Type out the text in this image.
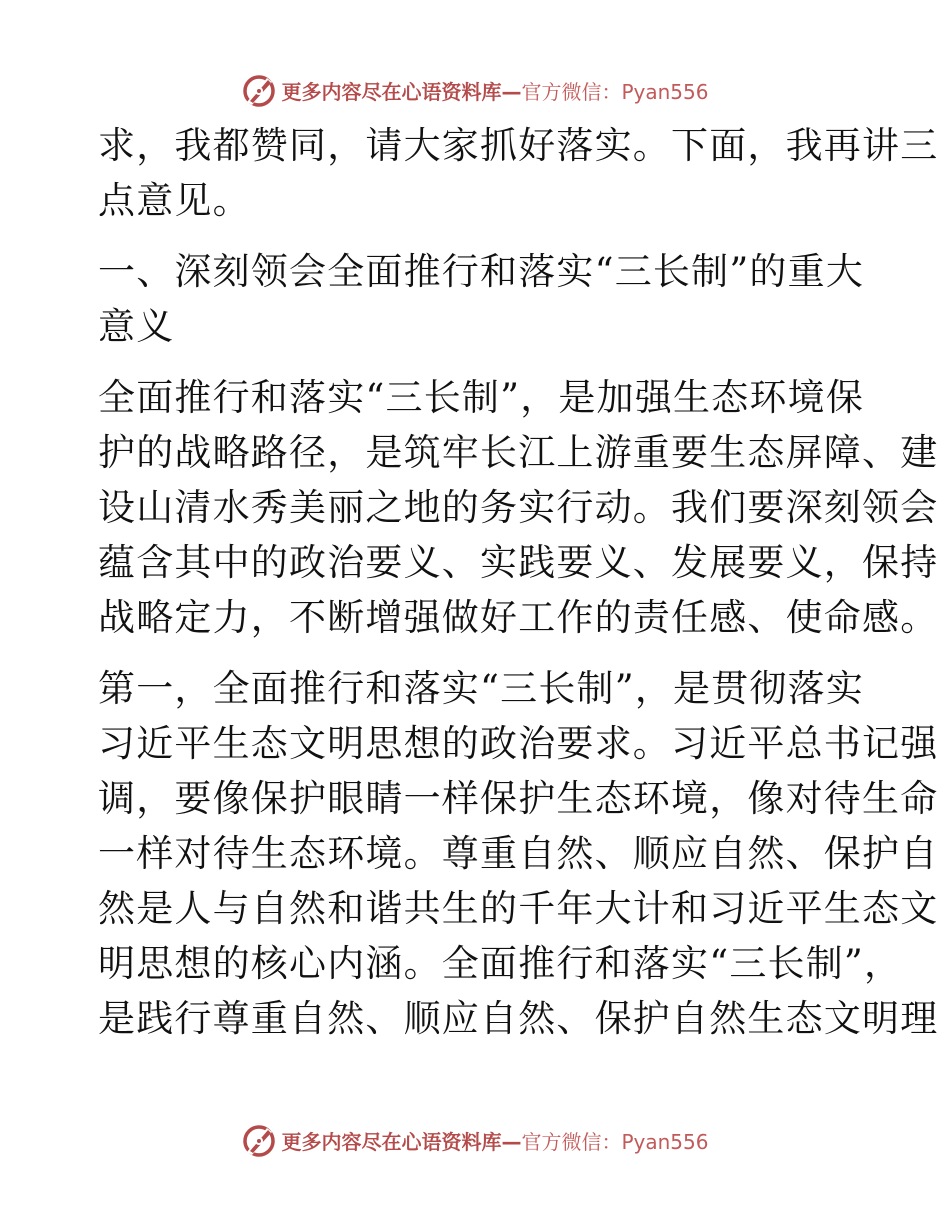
更多内容尽在心语资料库—官方微信：Pyan556

求，我都赞同，请大家抓好落实。下面，我再讲三

点意见。

一、深刻领会全面推行和落实“三长制”的重大

意义

全面推行和落实“三长制”，是加强生态环境保

护的战略路径，是筑牢长江上游重要生态屏障、建

设山清水秀美丽之地的务实行动。我们要深刻领会

蕴含其中的政治要义、实践要义、发展要义，保持

战略定力，不断增强做好工作的责任感、使命感。

第一，全面推行和落实“三长制”，是贯彻落实

习近平生态文明思想的政治要求。习近平总书记强

调，要像保护眼睛一样保护生态环境，像对待生命

一样对待生态环境。尊重自然、顺应自然、保护自

然是人与自然和谐共生的千年大计和习近平生态文

明思想的核心内涵。全面推行和落实“三长制”，

是践行尊重自然、顺应自然、保护自然生态文明理

更多内容尽在心语资料库—官方微信：Pyan556
